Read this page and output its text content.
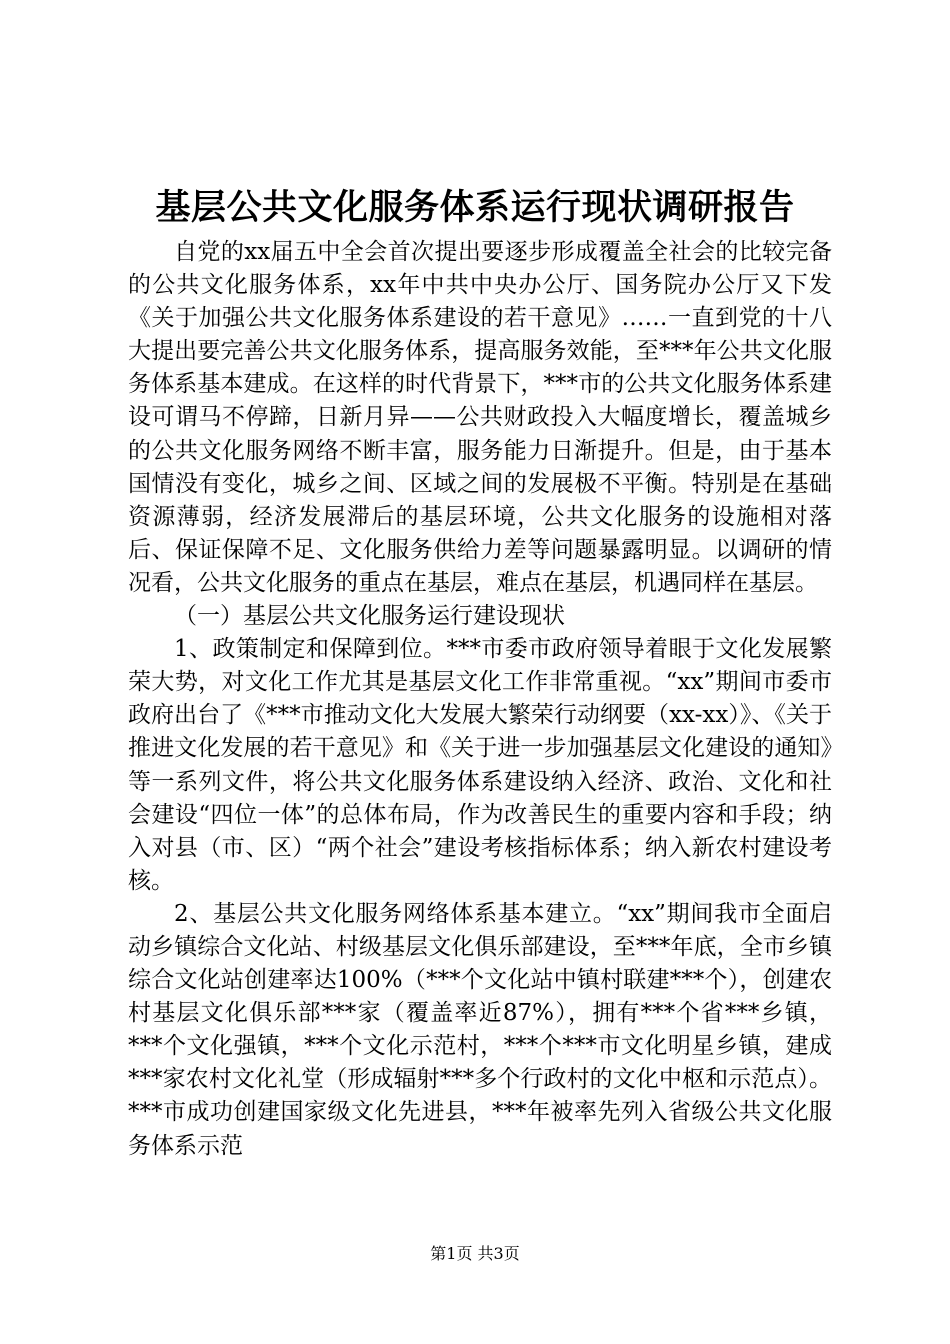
基层公共文化服务体系运行现状调研报告

自党的xx届五中全会首次提出要逐步形成覆盖全社会的比较完备的公共文化服务体系，xx年中共中央办公厅、国务院办公厅又下发《关于加强公共文化服务体系建设的若干意见》……一直到党的十八大提出要完善公共文化服务体系，提高服务效能，至***年公共文化服务体系基本建成。在这样的时代背景下，***市的公共文化服务体系建设可谓马不停蹄，日新月异——公共财政投入大幅度增长，覆盖城乡的公共文化服务网络不断丰富，服务能力日渐提升。但是，由于基本国情没有变化，城乡之间、区域之间的发展极不平衡。特别是在基础资源薄弱，经济发展滞后的基层环境，公共文化服务的设施相对落后、保证保障不足、文化服务供给力差等问题暴露明显。以调研的情况看，公共文化服务的重点在基层，难点在基层，机遇同样在基层。

（一）基层公共文化服务运行建设现状

1、政策制定和保障到位。***市委市政府领导着眼于文化发展繁荣大势，对文化工作尤其是基层文化工作非常重视。“xx”期间市委市政府出台了《***市推动文化大发展大繁荣行动纲要（xx-xx）》、《关于推进文化发展的若干意见》和《关于进一步加强基层文化建设的通知》等一系列文件，将公共文化服务体系建设纳入经济、政治、文化和社会建设“四位一体”的总体布局，作为改善民生的重要内容和手段；纳入对县（市、区）“两个社会”建设考核指标体系；纳入新农村建设考核。

2、基层公共文化服务网络体系基本建立。“xx”期间我市全面启动乡镇综合文化站、村级基层文化俱乐部建设，至***年底，全市乡镇综合文化站创建率达100%（***个文化站中镇村联建***个），创建农村基层文化俱乐部***家（覆盖率近87%），拥有***个省***乡镇，***个文化强镇，***个文化示范村，***个***市文化明星乡镇，建成***家农村文化礼堂（形成辐射***多个行政村的文化中枢和示范点）。***市成功创建国家级文化先进县，***年被率先列入省级公共文化服务体系示范

第1页 共3页
